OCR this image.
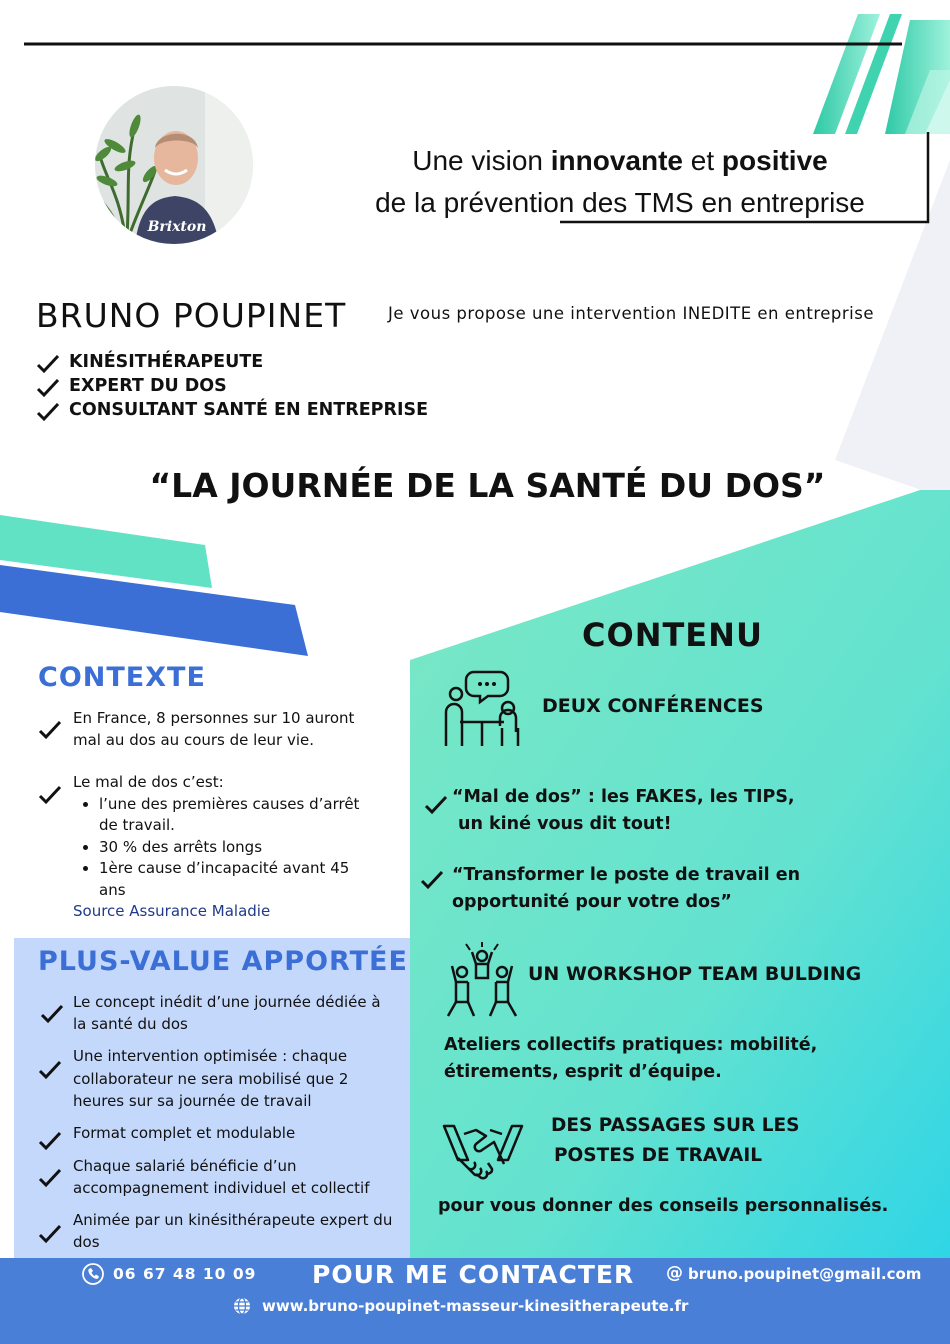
Brixton
Une vision innovante et positive
de la prévention des TMS en entreprise
BRUNO POUPINET	Je vous propose une intervention INEDITE en entreprise
KINÉSITHÉRAPEUTE
EXPERT DU DOS
CONSULTANT SANTÉ EN ENTREPRISE
“LA JOURNÉE DE LA SANTÉ DU DOS”
CONTEXTE
En France, 8 personnes sur 10 auront mal au dos au cours de leur vie.
Le mal de dos c’est:
l’une des premières causes d’arrêt de travail.
30 % des arrêts longs
1ère cause d’incapacité avant 45 ans
Source Assurance Maladie
PLUS-VALUE APPORTÉE
Le concept inédit d’une journée dédiée à la santé du dos
Une intervention optimisée : chaque collaborateur ne sera mobilisé que 2 heures sur sa journée de travail
Format complet et modulable
Chaque salarié bénéficie d’un accompagnement individuel et collectif
Animée par un kinésithérapeute expert du dos
CONTENU
DEUX CONFÉRENCES
“Mal de dos” : les FAKES, les TIPS,
un kiné vous dit tout!
“Transformer le poste de travail en
opportunité pour votre dos”
UN WORKSHOP TEAM BULDING
Ateliers collectifs pratiques: mobilité,
étirements, esprit d’équipe.
DES PASSAGES SUR LES
POSTES DE TRAVAIL
pour vous donner des conseils personnalisés.
06 67 48 10 09 POUR ME CONTACTER @ bruno.poupinet@gmail.com
www.bruno-poupinet-masseur-kinesitherapeute.fr
